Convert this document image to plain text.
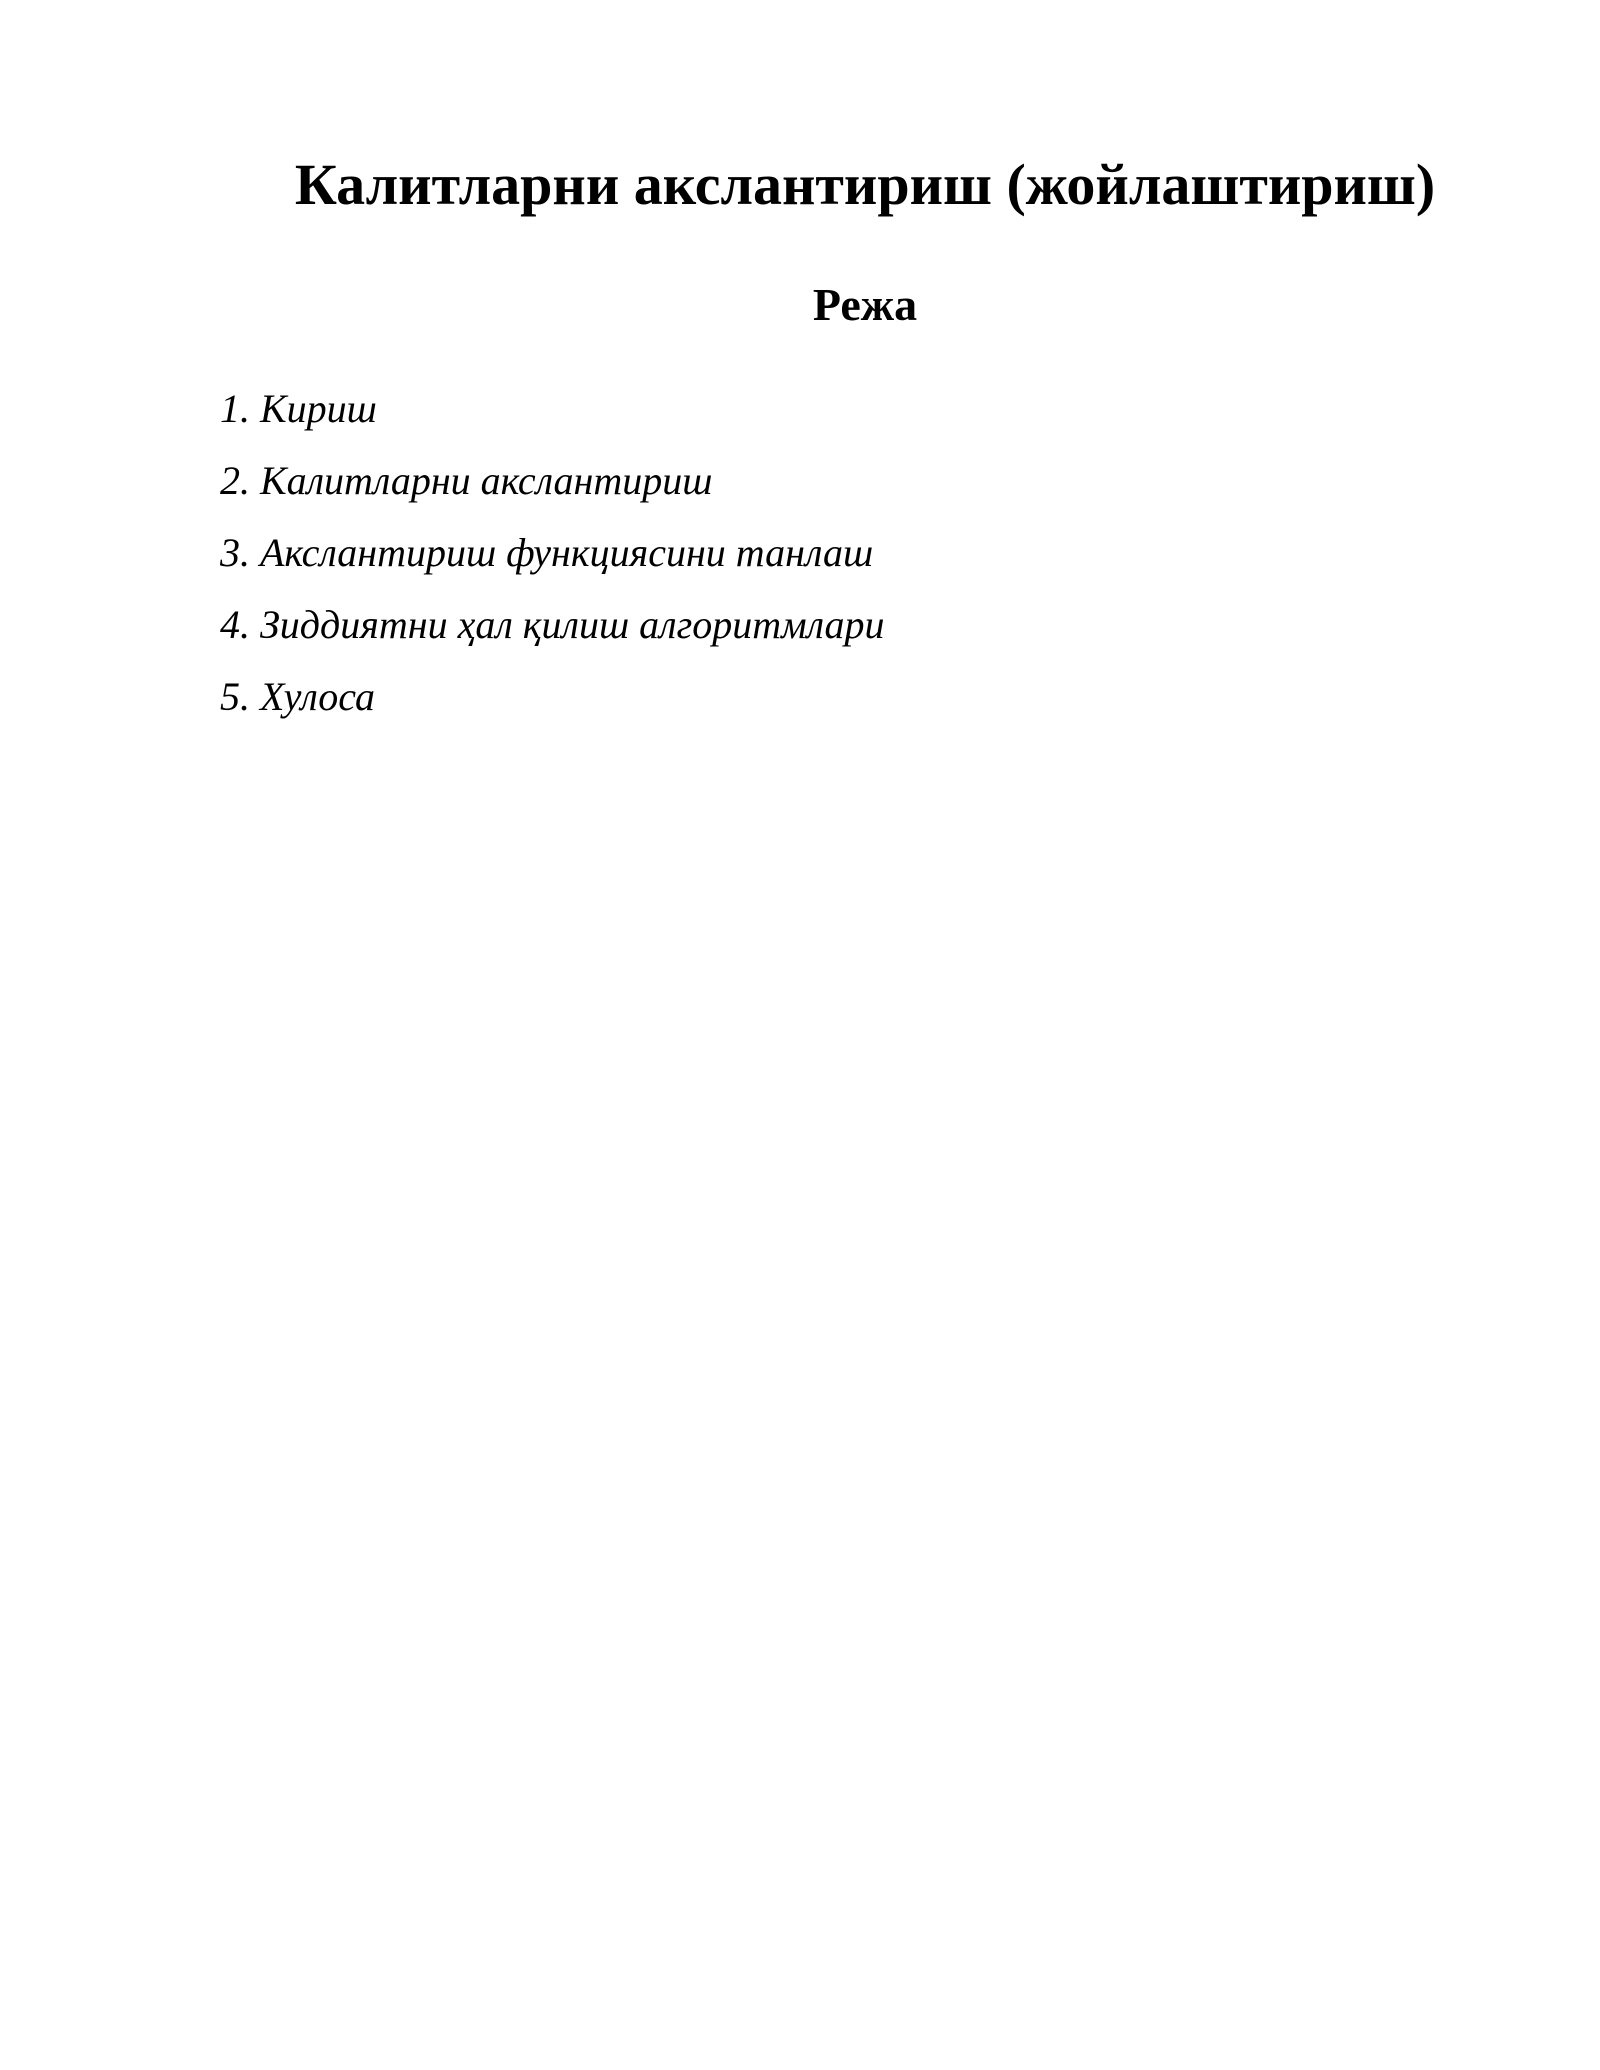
Калитларни акслантириш (жойлаштириш)
Режа
1. Кириш
2. Калитларни акслантириш
3. Акслантириш функциясини танлаш
4. Зиддиятни ҳал қилиш алгоритмлари
5. Хулоса
